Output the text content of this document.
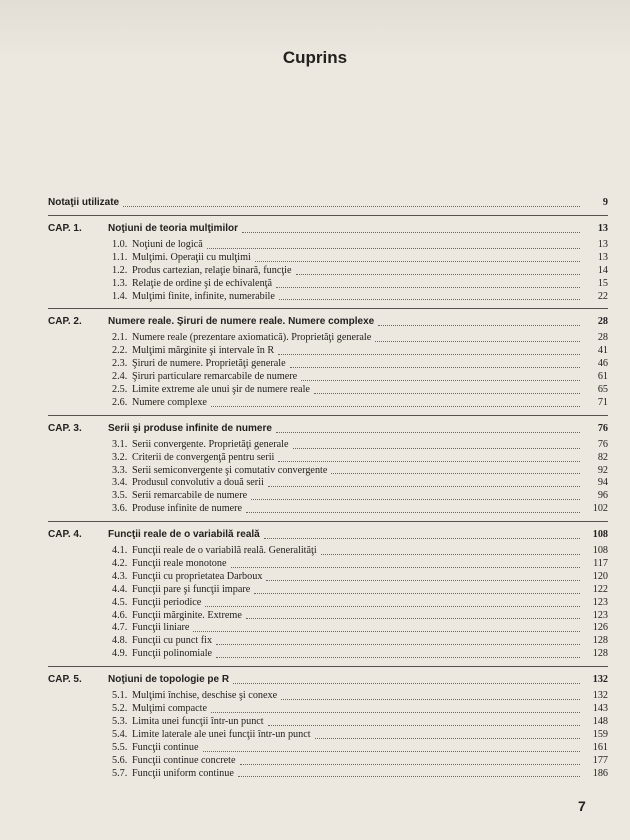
Cuprins
Notaţii utilizate	9
CAP. 1.	Noţiuni de teoria mulţimilor	13
1.0. Noţiuni de logică	13
1.1. Mulţimi. Operaţii cu mulţimi	13
1.2. Produs cartezian, relaţie binară, funcţie	14
1.3. Relaţie de ordine şi de echivalenţă	15
1.4. Mulţimi finite, infinite, numerabile	22
CAP. 2.	Numere reale. Şiruri de numere reale. Numere complexe	28
2.1. Numere reale (prezentare axiomatică). Proprietăţi generale	28
2.2. Mulţimi mărginite şi intervale în R	41
2.3. Şiruri de numere. Proprietăţi generale	46
2.4. Şiruri particulare remarcabile de numere	61
2.5. Limite extreme ale unui şir de numere reale	65
2.6. Numere complexe	71
CAP. 3.	Serii şi produse infinite de numere	76
3.1. Serii convergente. Proprietăţi generale	76
3.2. Criterii de convergenţă pentru serii	82
3.3. Serii semiconvergente şi comutativ convergente	92
3.4. Produsul convolutiv a două serii	94
3.5. Serii remarcabile de numere	96
3.6. Produse infinite de numere	102
CAP. 4.	Funcţii reale de o variabilă reală	108
4.1. Funcţii reale de o variabilă reală. Generalităţi	108
4.2. Funcţii reale monotone	117
4.3. Funcţii cu proprietatea Darboux	120
4.4. Funcţii pare şi funcţii impare	122
4.5. Funcţii periodice	123
4.6. Funcţii mărginite. Extreme	123
4.7. Funcţii liniare	126
4.8. Funcţii cu punct fix	128
4.9. Funcţii polinomiale	128
CAP. 5.	Noţiuni de topologie pe R	132
5.1. Mulţimi închise, deschise şi conexe	132
5.2. Mulţimi compacte	143
5.3. Limita unei funcţii într-un punct	148
5.4. Limite laterale ale unei funcţii într-un punct	159
5.5. Funcţii continue	161
5.6. Funcţii continue concrete	177
5.7. Funcţii uniform continue	186
7
